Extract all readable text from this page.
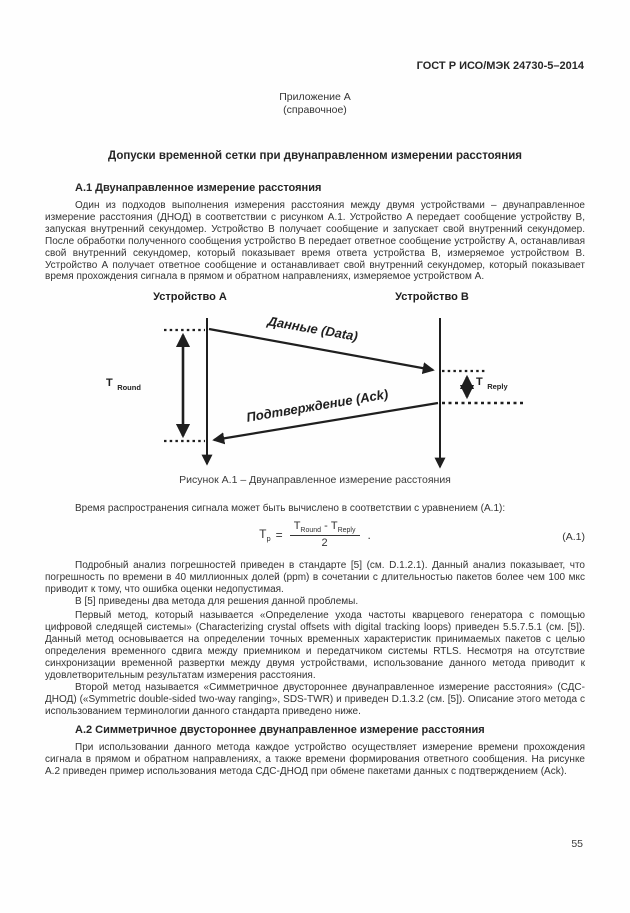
ГОСТ Р ИСО/МЭК 24730-5–2014
Приложение А
(справочное)
Допуски временной сетки при двунаправленном измерении расстояния
А.1 Двунаправленное измерение расстояния
Один из подходов выполнения измерения расстояния между двумя устройствами – двунаправленное измерение расстояния (ДНОД) в соответствии с рисунком А.1. Устройство А передает сообщение устройству В, запуская внутренний секундомер. Устройство В получает сообщение и запускает свой внутренний секундомер. После обработки полученного сообщения устройство В передает ответное сообщение устройству А, останавливая свой внутренний секундомер, который показывает время ответа устройства В, измеряемое устройством В. Устройство А получает ответное сообщение и останавливает свой внутренний секундомер, который показывает время прохождения сигнала в прямом и обратном направлениях, измеряемое устройством А.
Устройство А	Устройство В
Данные (Data)
Подтверждение (Ack)
T $_{Round}$	T $_{Reply}$
Рисунок А.1 – Двунаправленное измерение расстояния
Время распространения сигнала может быть вычислено в соответствии с уравнением (А.1):
$T_p = \frac{T_{Round} - T_{Reply}}{2}$ .	(А.1)
Подробный анализ погрешностей приведен в стандарте [5] (см. D.1.2.1). Данный анализ показывает, что погрешность по времени в 40 миллионных долей (ppm) в сочетании с длительностью пакетов более чем 100 мкс приводит к тому, что ошибка оценки недопустимая.
В [5] приведены два метода для решения данной проблемы.
Первый метод, который называется «Определение ухода частоты кварцевого генератора с помощью цифровой следящей системы» (Characterizing crystal offsets with digital tracking loops) приведен 5.5.7.5.1 (см. [5]). Данный метод основывается на определении точных временных характеристик принимаемых пакетов с целью определения временного сдвига между приемником и передатчиком системы RTLS. Несмотря на отсутствие синхронизации временной развертки между двумя устройствами, использование данного метода приводит к удовлетворительным результатам измерения расстояния.
Второй метод называется «Симметричное двустороннее двунаправленное измерение расстояния» (СДС-ДНОД) («Symmetric double-sided two-way ranging», SDS-TWR) и приведен D.1.3.2 (см. [5]). Описание этого метода с использованием терминологии данного стандарта приведено ниже.
А.2 Симметричное двустороннее двунаправленное измерение расстояния
При использовании данного метода каждое устройство осуществляет измерение времени прохождения сигнала в прямом и обратном направлениях, а также времени формирования ответного сообщения. На рисунке А.2 приведен пример использования метода СДС-ДНОД при обмене пакетами данных с подтверждением (Ack).
55
